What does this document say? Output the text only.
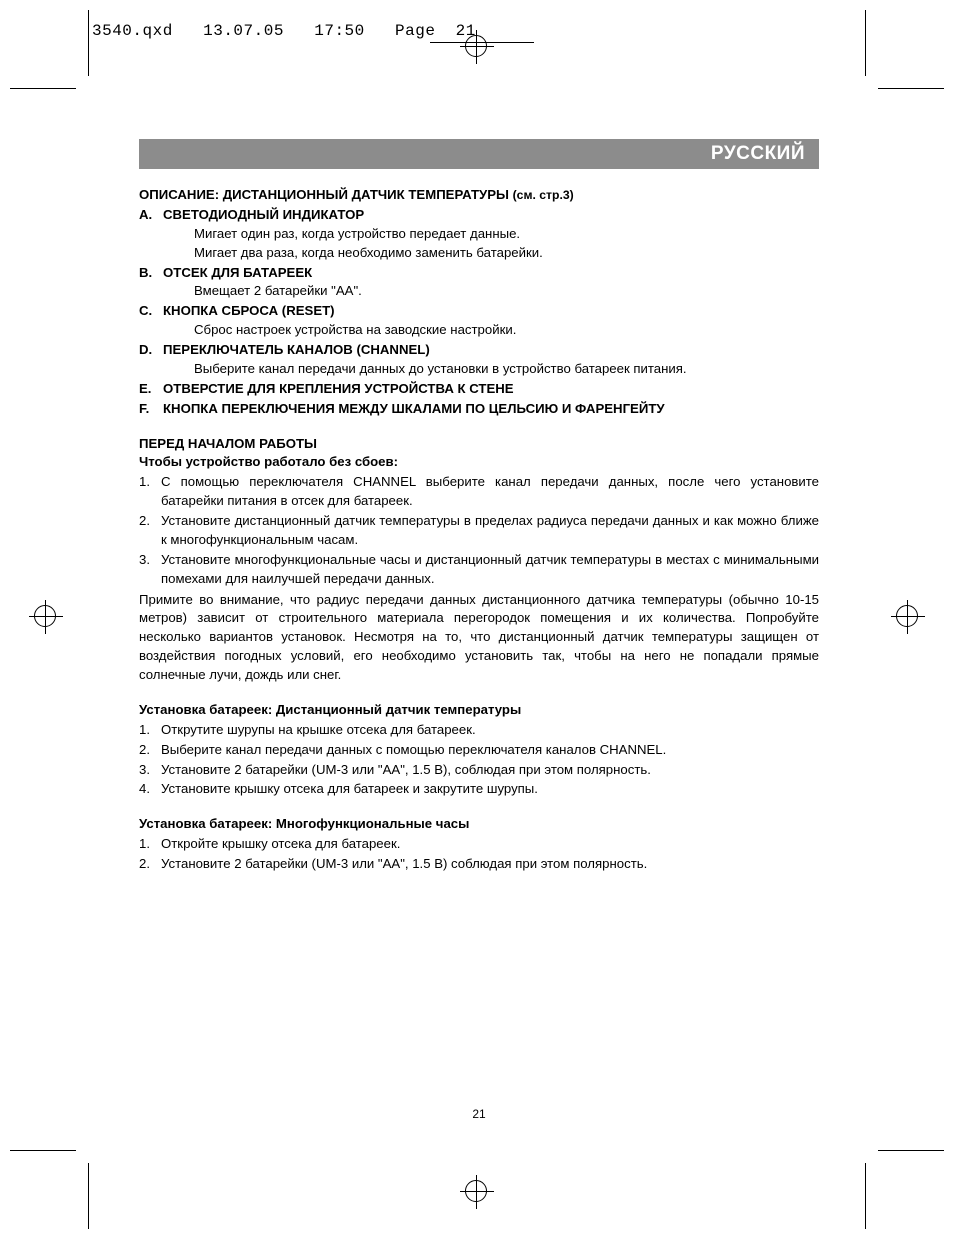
3540.qxd   13.07.05   17:50   Page  21
РУССКИЙ
ОПИСАНИЕ: ДИСТАНЦИОННЫЙ ДАТЧИК ТЕМПЕРАТУРЫ (см. стр.3)
A. СВЕТОДИОДНЫЙ ИНДИКАТОР
Мигает один раз, когда устройство передает данные.
Мигает два раза, когда необходимо заменить батарейки.
B. ОТСЕК ДЛЯ БАТАРЕЕК
Вмещает 2 батарейки "АА".
C. КНОПКА СБРОСА (RESET)
Сброс настроек устройства на заводские настройки.
D. ПЕРЕКЛЮЧАТЕЛЬ КАНАЛОВ (CHANNEL)
Выберите канал передачи данных до установки в устройство батареек питания.
E. ОТВЕРСТИЕ ДЛЯ КРЕПЛЕНИЯ УСТРОЙСТВА К СТЕНЕ
F.	КНОПКА ПЕРЕКЛЮЧЕНИЯ МЕЖДУ ШКАЛАМИ ПО ЦЕЛЬСИЮ И ФАРЕНГЕЙТУ
ПЕРЕД НАЧАЛОМ РАБОТЫ
Чтобы устройство работало без сбоев:
1. С помощью переключателя CHANNEL выберите канал передачи данных, после чего установите батарейки питания в отсек для батареек.
2. Установите дистанционный датчик температуры в пределах радиуса передачи данных и как можно ближе к многофункциональным часам.
3. Установите многофункциональные часы и дистанционный датчик температуры в местах с минимальными помехами для наилучшей передачи данных.
Примите во внимание, что радиус передачи данных дистанционного датчика температуры (обычно 10-15 метров) зависит от строительного материала перегородок помещения и их количества. Попробуйте несколько вариантов установок. Несмотря на то, что дистанционный датчик температуры защищен от воздействия погодных условий, его необходимо установить так, чтобы на него не попадали прямые солнечные лучи, дождь или снег.
Установка батареек: Дистанционный датчик температуры
1. Открутите шурупы на крышке отсека для батареек.
2. Выберите канал передачи данных с помощью переключателя каналов CHANNEL.
3. Установите 2 батарейки (UM-3 или "АА", 1.5 В), соблюдая при этом полярность.
4. Установите крышку отсека для батареек и закрутите шурупы.
Установка батареек: Многофункциональные часы
1. Откройте крышку отсека для батареек.
2. Установите 2 батарейки (UM-3 или "АА", 1.5 В) соблюдая при этом полярность.
21
